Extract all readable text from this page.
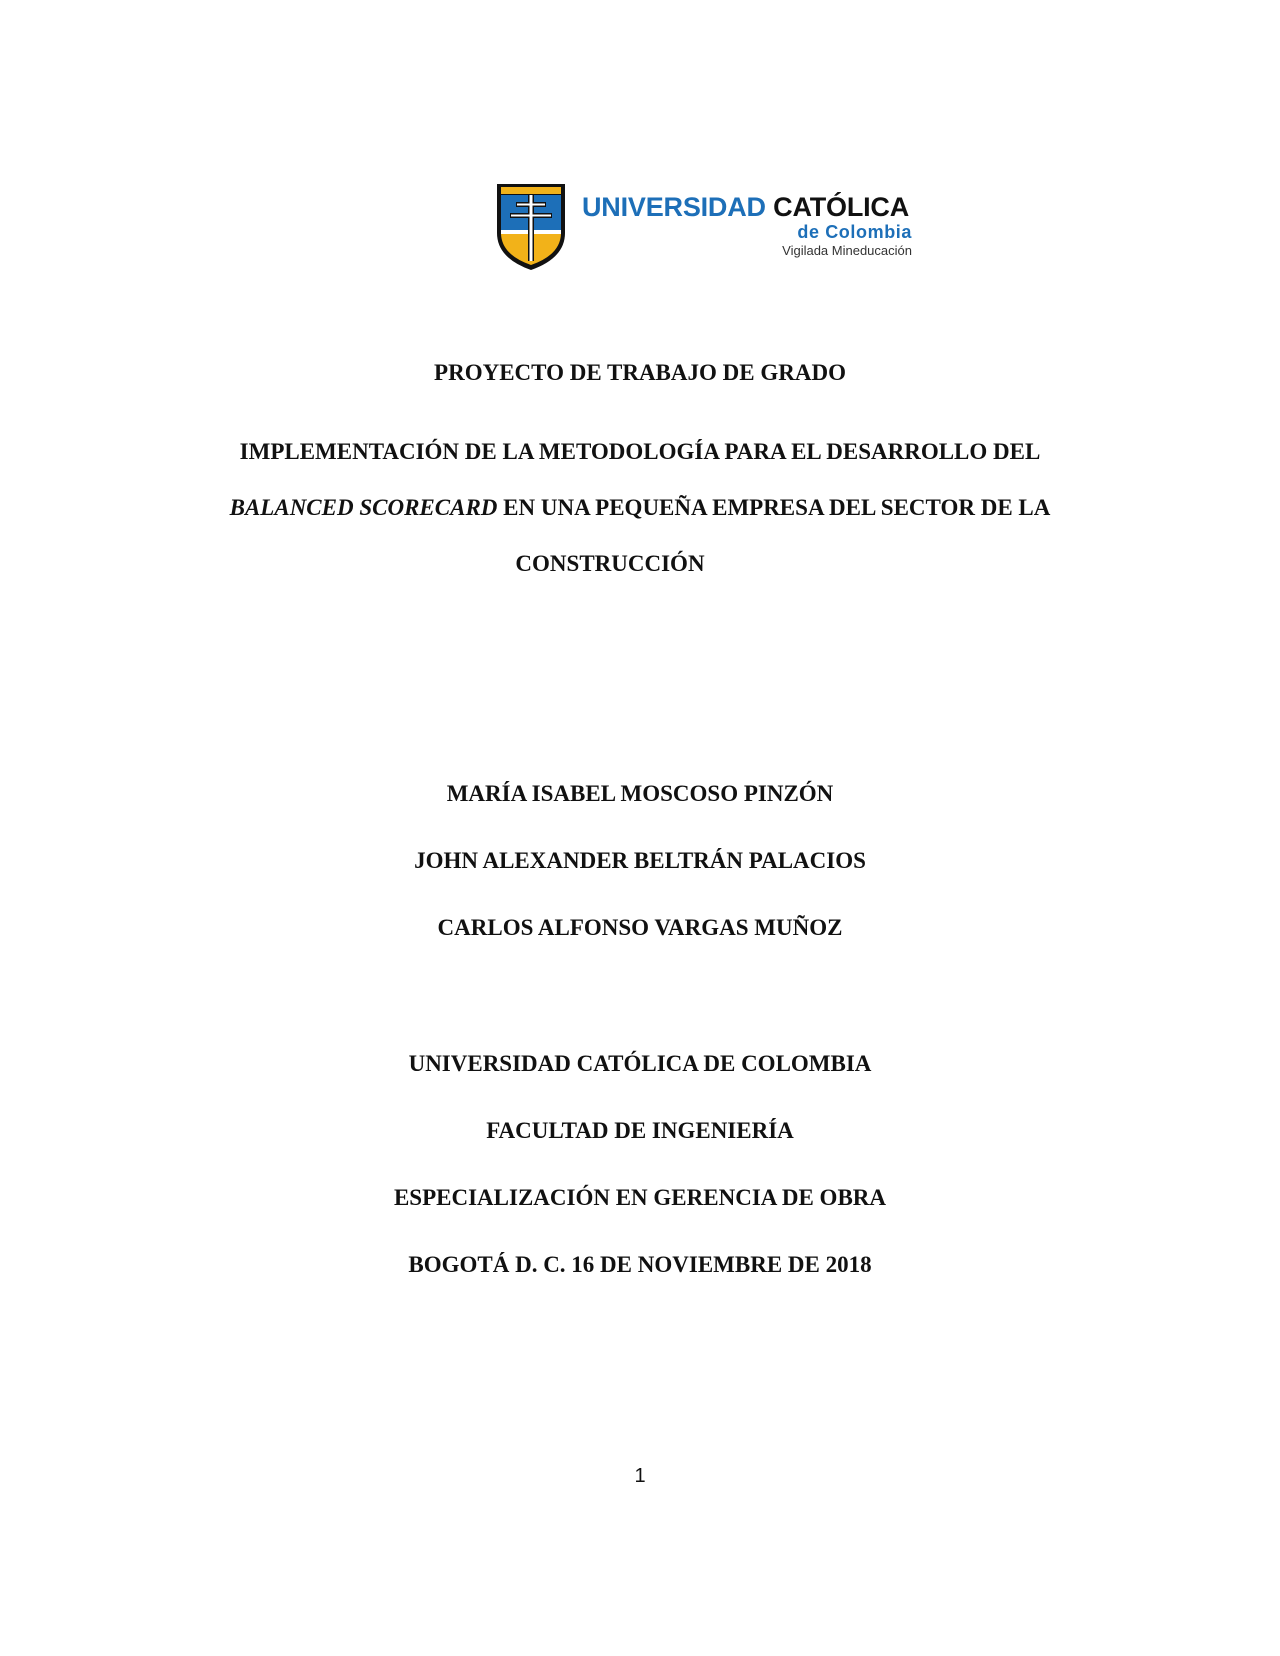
UNIVERSIDAD CATÓLICA
de Colombia
Vigilada Mineducación
PROYECTO DE TRABAJO DE GRADO
IMPLEMENTACIÓN DE LA METODOLOGÍA PARA EL DESARROLLO DEL
BALANCED SCORECARD EN UNA PEQUEÑA EMPRESA DEL SECTOR DE LA
CONSTRUCCIÓN
MARÍA ISABEL MOSCOSO PINZÓN
JOHN ALEXANDER BELTRÁN PALACIOS
CARLOS ALFONSO VARGAS MUÑOZ
UNIVERSIDAD CATÓLICA DE COLOMBIA
FACULTAD DE INGENIERÍA
ESPECIALIZACIÓN EN GERENCIA DE OBRA
BOGOTÁ D. C. 16 DE NOVIEMBRE DE 2018
1
